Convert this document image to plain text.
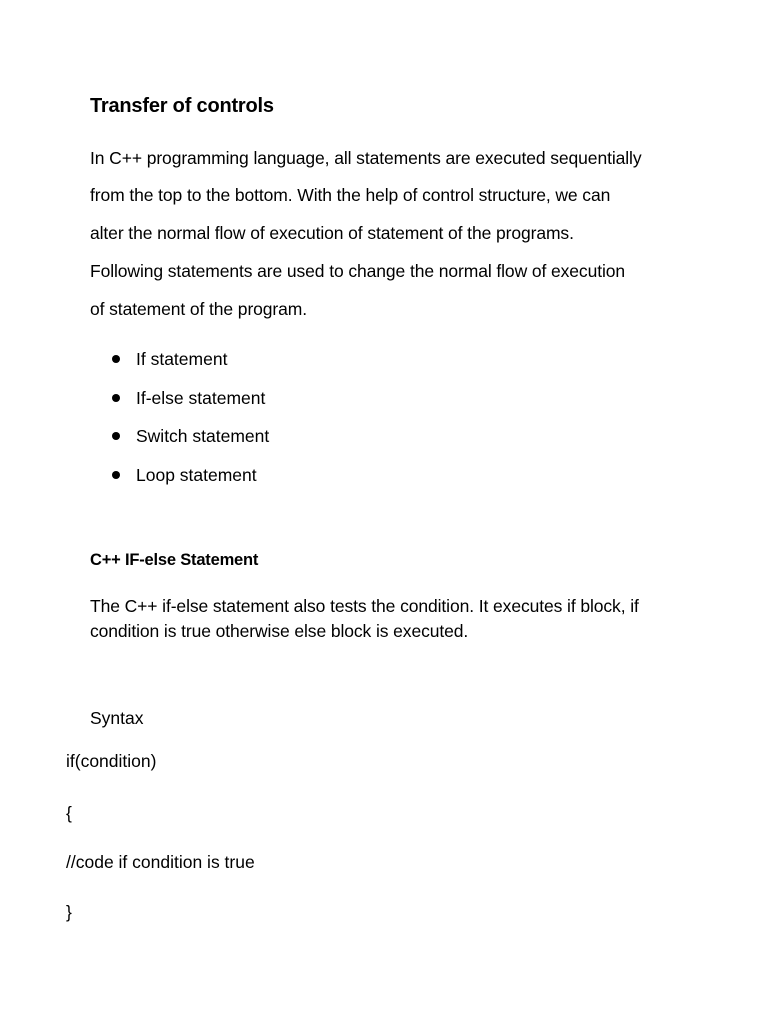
Transfer of controls

In C++ programming language, all statements are executed sequentially

from the top to the bottom. With the help of control structure, we can

alter the normal flow of execution of statement of the programs.

Following statements are used to change the normal flow of execution

of statement of the program.

If statement
If-else statement
Switch statement
Loop statement
C++ IF-else Statement

The C++ if-else statement also tests the condition. It executes if block, if

condition is true otherwise else block is executed.

Syntax

if(condition)

{

//code if condition is true

}
